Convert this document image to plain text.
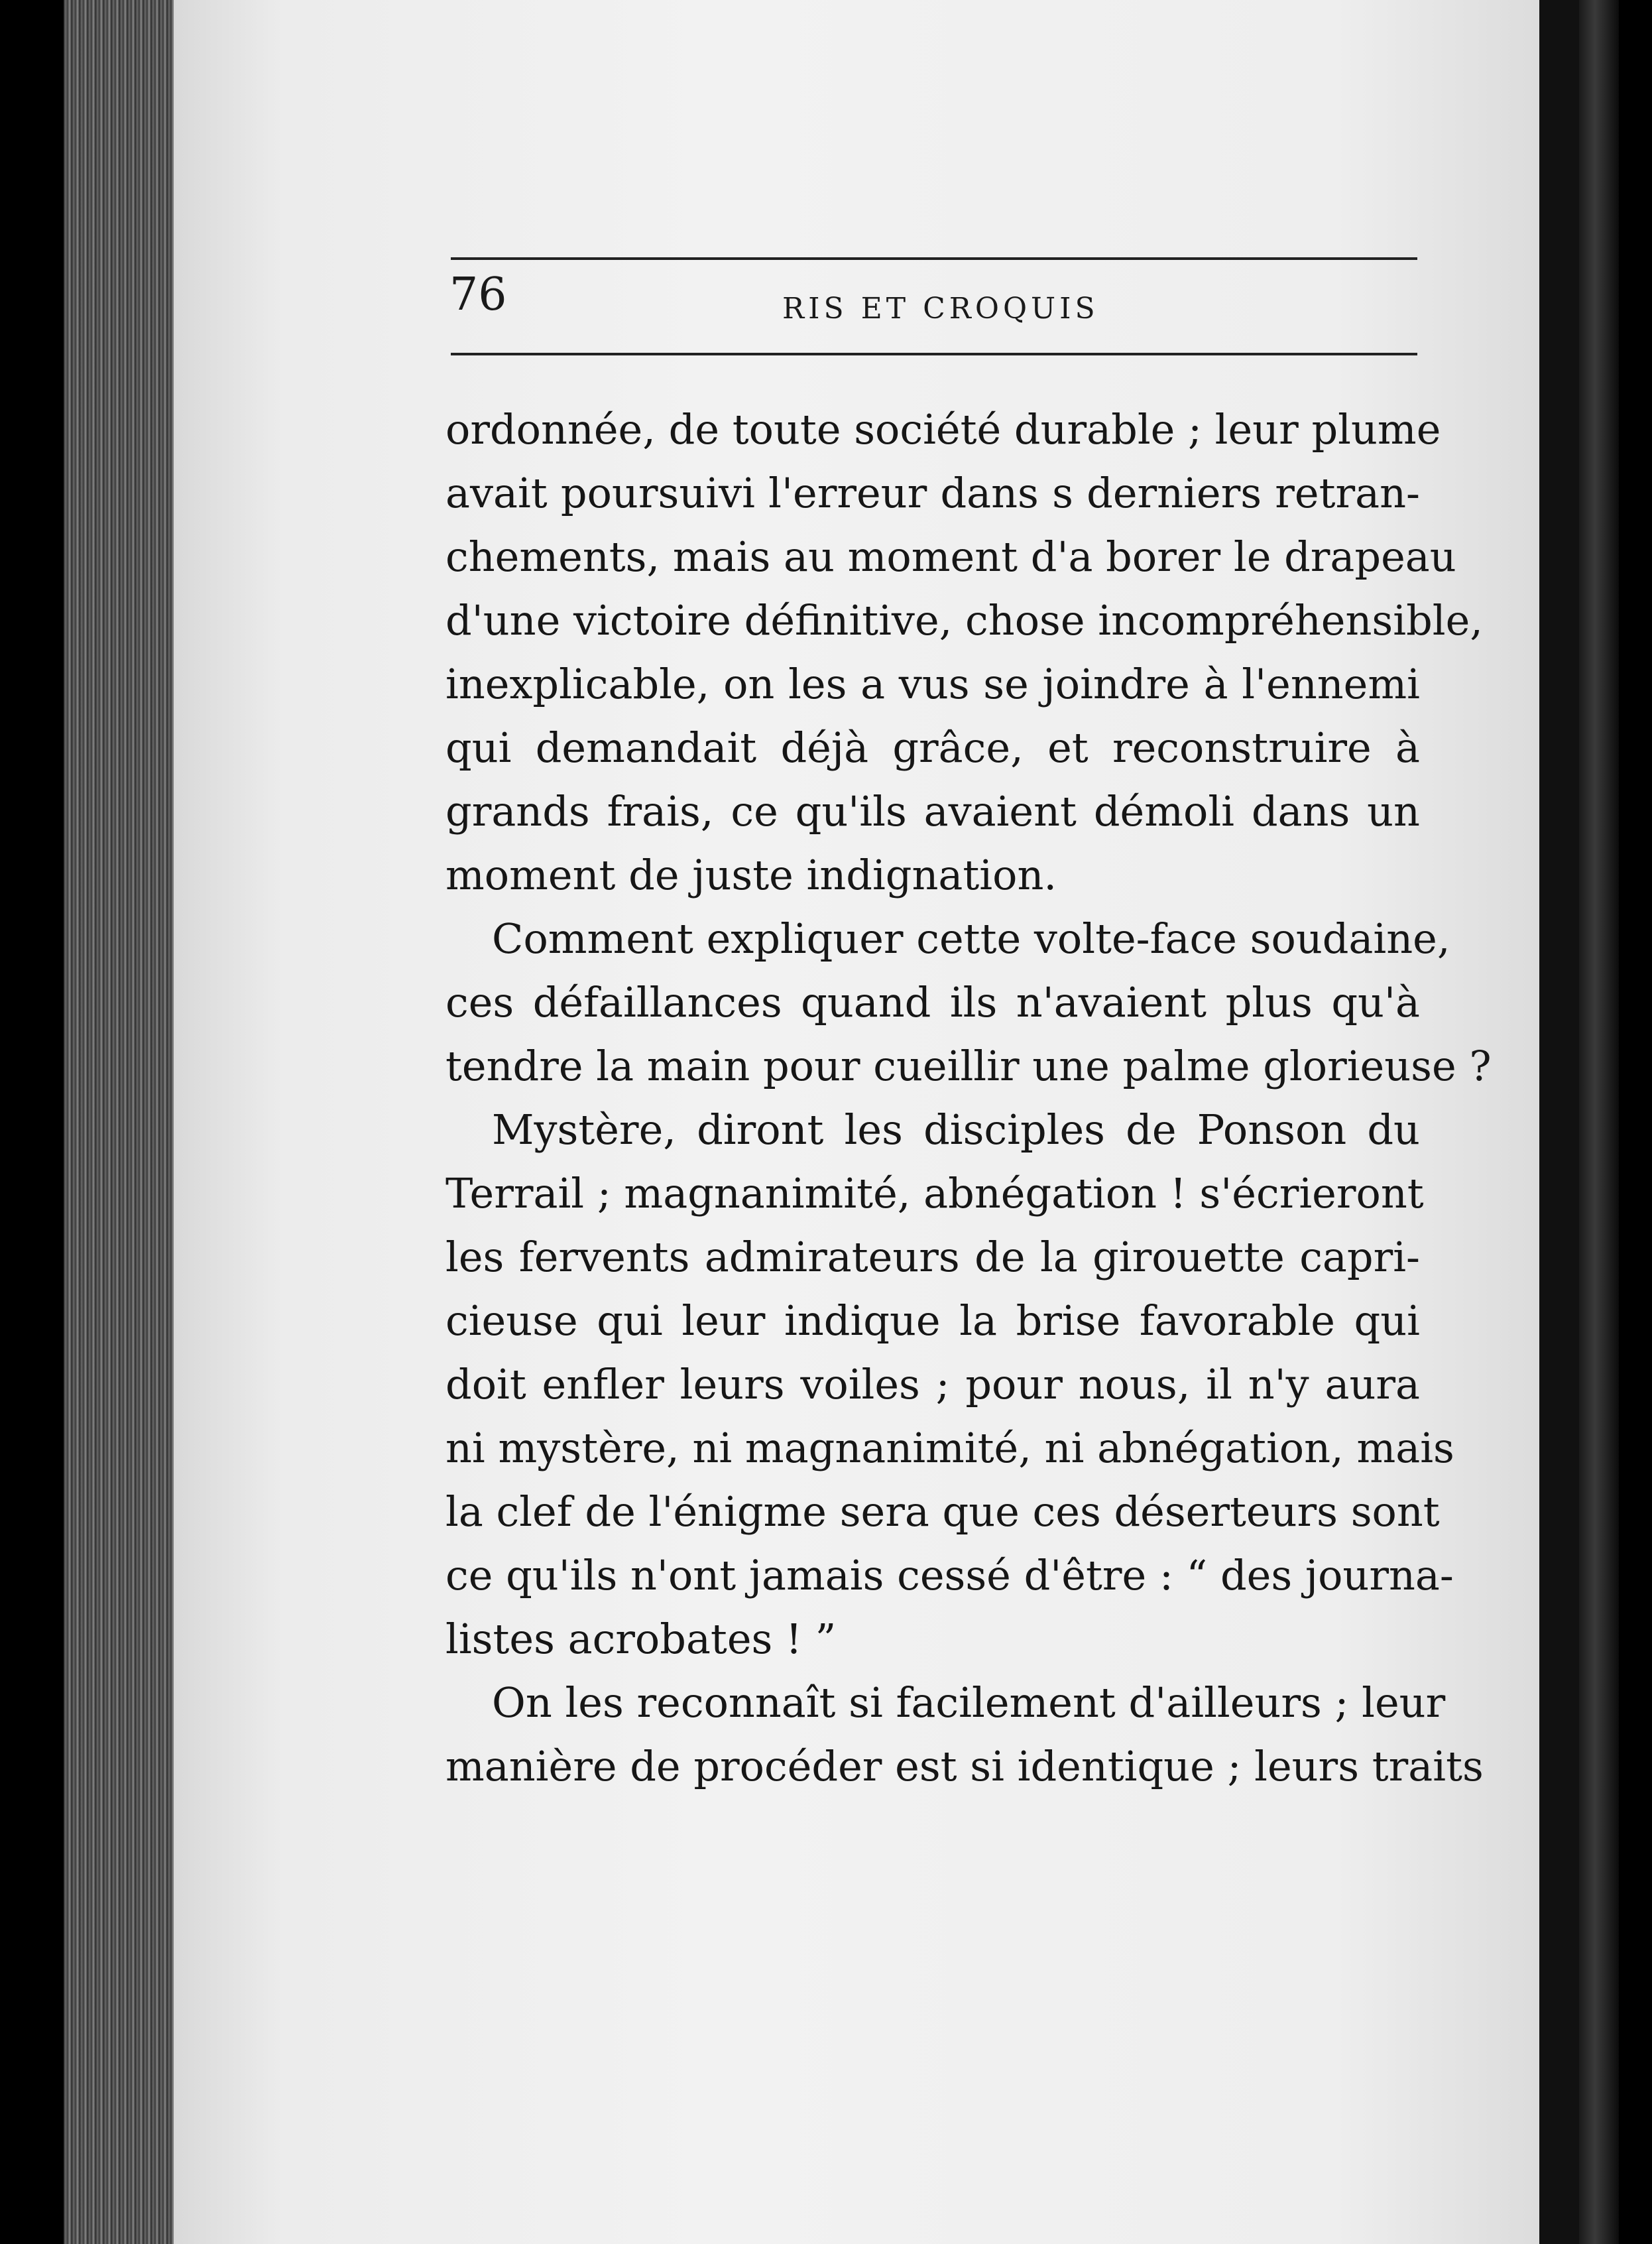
76	RIS ET CROQUIS

ordonnée, de toute société durable ; leur plume
avait poursuivi l'erreur dans s derniers retran-
chements, mais au moment d'a borer le drapeau
d'une victoire définitive, chose incompréhensible,
inexplicable, on les a vus se joindre à l'ennemi
qui demandait déjà grâce, et reconstruire à
grands frais, ce qu'ils avaient démoli dans un
moment de juste indignation.
Comment expliquer cette volte-face soudaine,
ces défaillances quand ils n'avaient plus qu'à
tendre la main pour cueillir une palme glorieuse ?
Mystère, diront les disciples de Ponson du
Terrail ; magnanimité, abnégation ! s'écrieront
les fervents admirateurs de la girouette capri-
cieuse qui leur indique la brise favorable qui
doit enfler leurs voiles ; pour nous, il n'y aura
ni mystère, ni magnanimité, ni abnégation, mais
la clef de l'énigme sera que ces déserteurs sont
ce qu'ils n'ont jamais cessé d'être : “ des journa-
listes acrobates ! ”
On les reconnaît si facilement d'ailleurs ; leur
manière de procéder est si identique ; leurs traits
